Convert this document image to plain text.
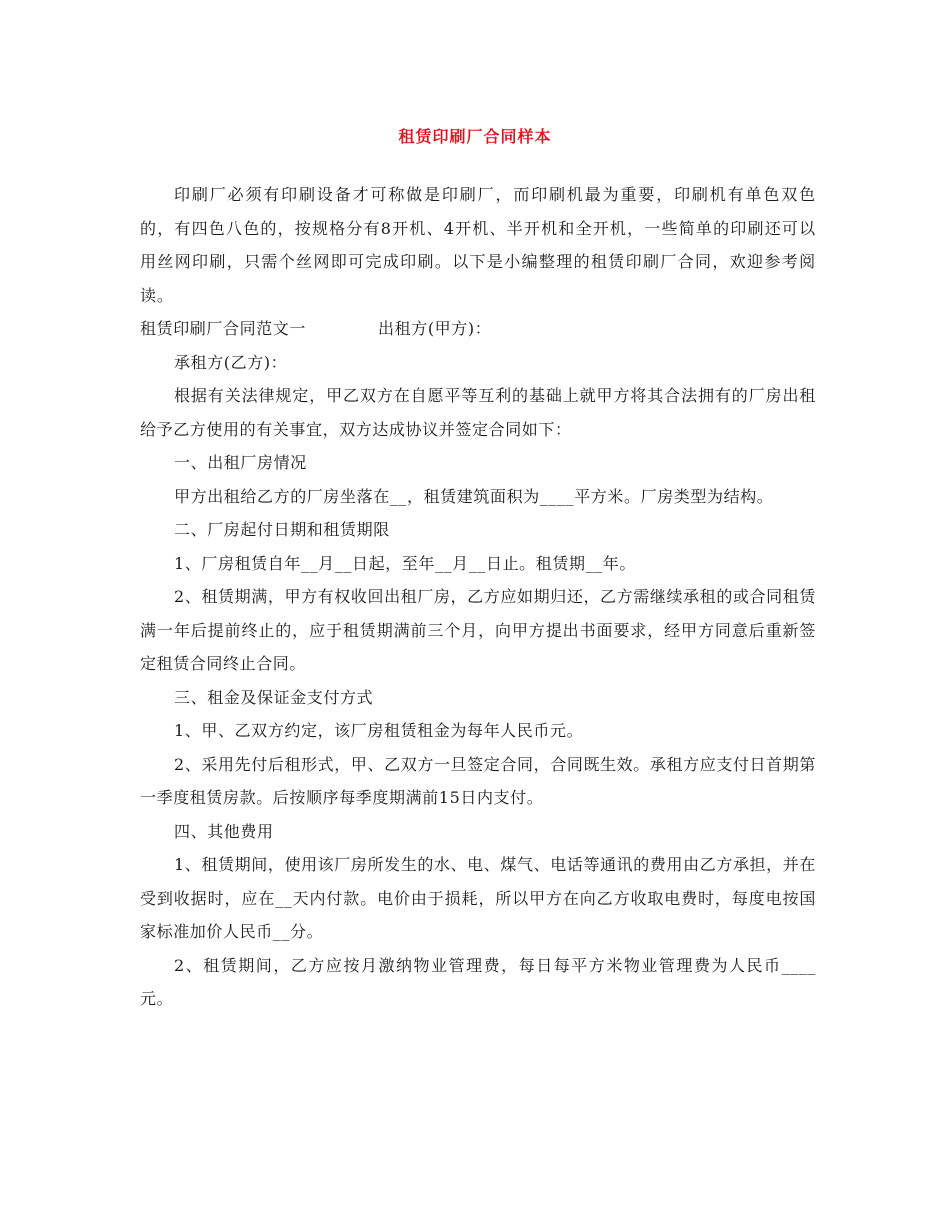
租赁印刷厂合同样本

印刷厂必须有印刷设备才可称做是印刷厂，而印刷机最为重要，印刷机有单色双色的，有四色八色的，按规格分有8开机、4开机、半开机和全开机，一些简单的印刷还可以用丝网印刷，只需个丝网即可完成印刷。以下是小编整理的租赁印刷厂合同，欢迎参考阅读。

租赁印刷厂合同范文一	出租方(甲方)：

承租方(乙方)：

根据有关法律规定，甲乙双方在自愿平等互利的基础上就甲方将其合法拥有的厂房出租给予乙方使用的有关事宜，双方达成协议并签定合同如下：

一、出租厂房情况

甲方出租给乙方的厂房坐落在__，租赁建筑面积为____平方米。厂房类型为结构。

二、厂房起付日期和租赁期限

1、厂房租赁自年__月__日起，至年__月__日止。租赁期__年。

2、租赁期满，甲方有权收回出租厂房，乙方应如期归还，乙方需继续承租的或合同租赁满一年后提前终止的，应于租赁期满前三个月，向甲方提出书面要求，经甲方同意后重新签定租赁合同终止合同。

三、租金及保证金支付方式

1、甲、乙双方约定，该厂房租赁租金为每年人民币元。

2、采用先付后租形式，甲、乙双方一旦签定合同，合同既生效。承租方应支付日首期第一季度租赁房款。后按顺序每季度期满前15日内支付。

四、其他费用

1、租赁期间，使用该厂房所发生的水、电、煤气、电话等通讯的费用由乙方承担，并在受到收据时，应在__天内付款。电价由于损耗，所以甲方在向乙方收取电费时，每度电按国家标准加价人民币__分。

2、租赁期间，乙方应按月激纳物业管理费，每日每平方米物业管理费为人民币____元。
